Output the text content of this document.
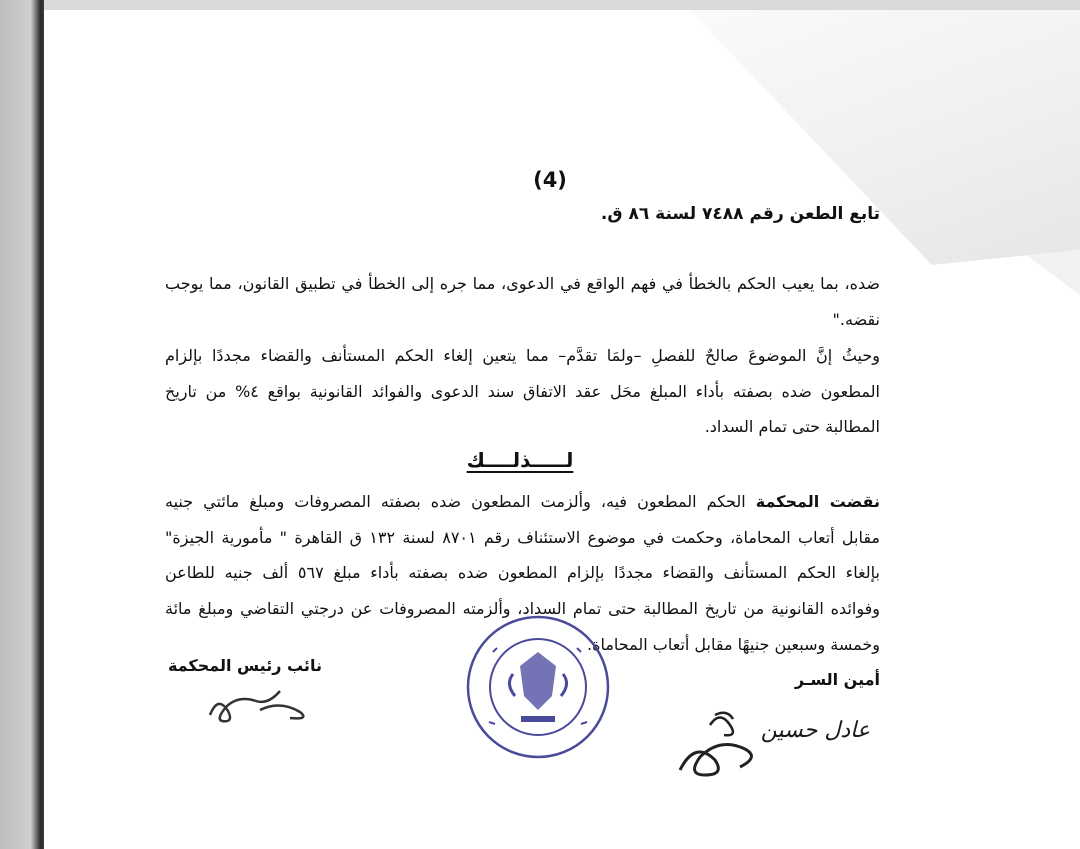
(4)
تابع الطعن رقم ٧٤٨٨ لسنة ٨٦ ق.
ضده، بما يعيب الحكم بالخطأ في فهم الواقع في الدعوى، مما جره إلى الخطأ في تطبيق القانون، مما يوجب
نقضه."
وحيثُ إنَّ الموضوعَ صالحٌ للفصلِ –ولمَا تقدَّم– مما يتعين إلغاء الحكم المستأنف والقضاء مجددًا بإلزام
المطعون ضده بصفته بأداء المبلغ محَل عقد الاتفاق سند الدعوى والفوائد القانونية بواقع ٤% من تاريخ
المطالبة حتى تمام السداد.
لـــــذلــــك
نقضت المحكمة الحكم المطعون فيه، وألزمت المطعون ضده بصفته المصروفات ومبلغ مائتي جنيه
مقابل أتعاب المحاماة، وحكمت في موضوع الاستئناف رقم ٨٧٠١ لسنة ١٣٢ ق القاهرة " مأمورية الجيزة"
بإلغاء الحكم المستأنف والقضاء مجددًا بإلزام المطعون ضده بصفته بأداء مبلغ ٥٦٧ ألف جنيه للطاعن
وفوائده القانونية من تاريخ المطالبة حتى تمام السداد، وألزمته المصروفات عن درجتي التقاضي ومبلغ مائة
وخمسة وسبعين جنيهًا مقابل أتعاب المحاماة.
أمين السـر
نائب رئيس المحكمة
عادل حسين
